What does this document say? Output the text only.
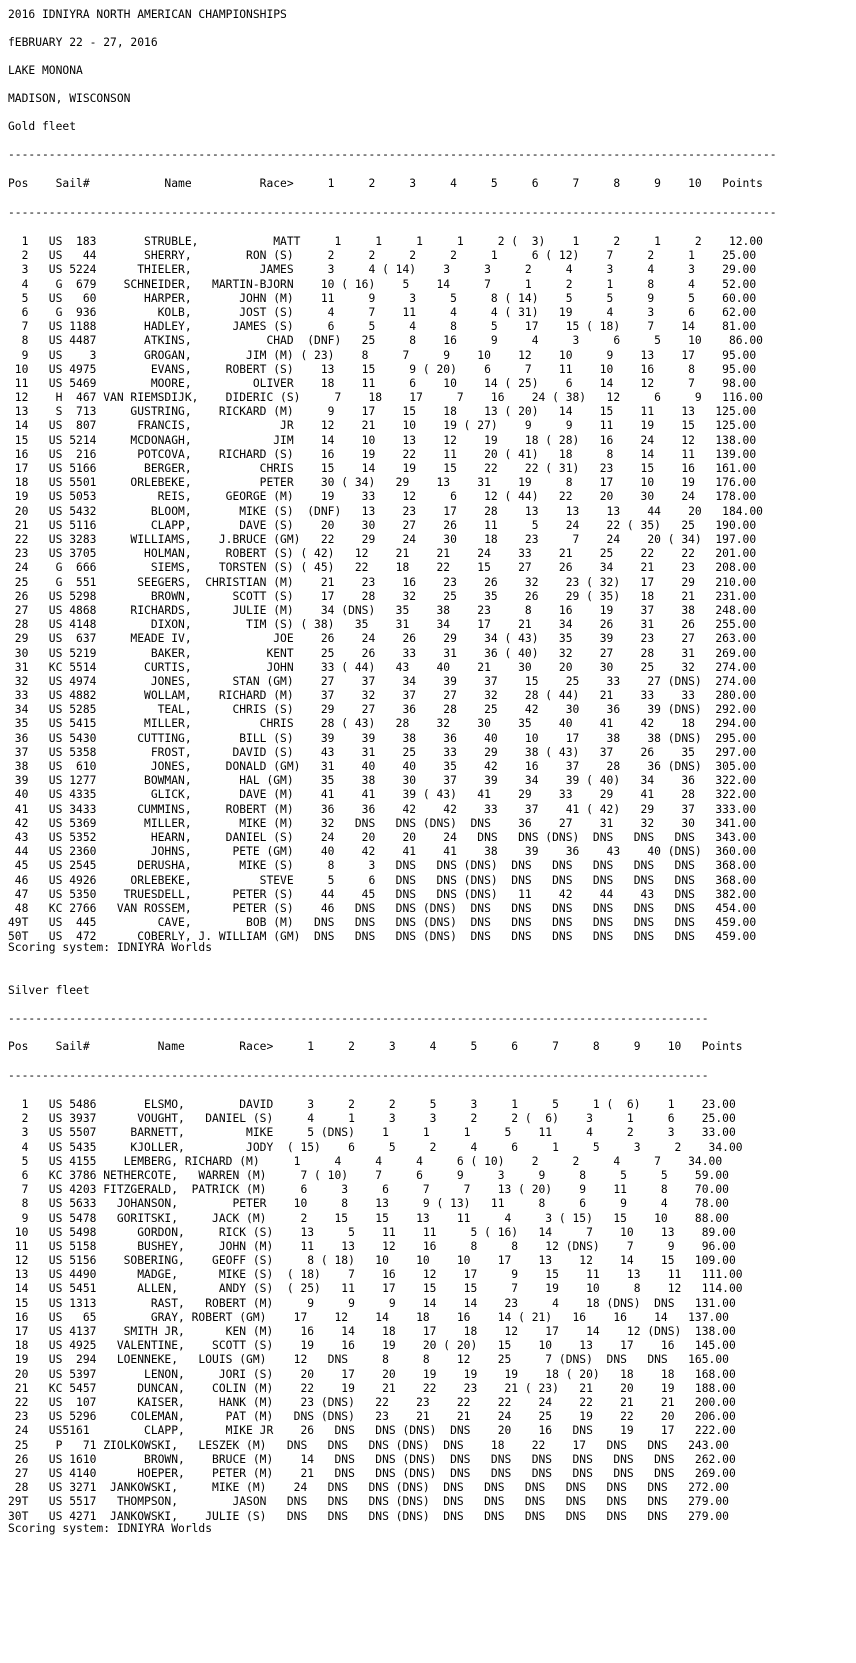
2016 IDNIYRA NORTH AMERICAN CHAMPIONSHIPS
fEBRUARY 22 - 27, 2016
LAKE MONONA
MADISON, WISCONSON
Gold fleet
-----------------------------------------------------------------------------------------------------------------
Pos    Sail#           Name          Race>     1     2     3     4     5     6     7     8     9    10   Points
-----------------------------------------------------------------------------------------------------------------
1   US  183       STRUBLE,           MATT     1     1     1     1     2 (  3)    1     2     1     2    12.00
2   US   44       SHERRY,        RON (S)     2     2     2     2     1     6 ( 12)    7     2     1    25.00
3   US 5224      THIELER,          JAMES     3     4 ( 14)    3     3     2     4     3     4     3    29.00
4    G  679    SCHNEIDER,   MARTIN-BJORN    10 ( 16)    5    14     7     1     2     1     8     4    52.00
5   US   60       HARPER,       JOHN (M)    11     9     3     5     8 ( 14)    5     5     9     5    60.00
6    G  936         KOLB,       JOST (S)     4     7    11     4     4 ( 31)   19     4     3     6    62.00
7   US 1188       HADLEY,      JAMES (S)     6     5     4     8     5    17    15 ( 18)    7    14    81.00
8   US 4487       ATKINS,           CHAD  (DNF)   25     8    16     9     4     3     6     5    10    86.00
9   US    3       GROGAN,        JIM (M) ( 23)    8     7     9    10    12    10     9    13    17    95.00
10   US 4975        EVANS,     ROBERT (S)    13    15     9 ( 20)    6     7    11    10    16     8    95.00
11   US 5469        MOORE,         OLIVER    18    11     6    10    14 ( 25)    6    14    12     7    98.00
12    H  467 VAN RIEMSDIJK,    DIDERIC (S)     7    18    17     7    16    24 ( 38)   12     6     9   116.00
13    S  713     GUSTRING,    RICKARD (M)     9    17    15    18    13 ( 20)   14    15    11    13   125.00
14   US  807      FRANCIS,             JR    12    21    10    19 ( 27)    9     9    11    19    15   125.00
15   US 5214     MCDONAGH,            JIM    14    10    13    12    19    18 ( 28)   16    24    12   138.00
16   US  216      POTCOVA,    RICHARD (S)    16    19    22    11    20 ( 41)   18     8    14    11   139.00
17   US 5166       BERGER,          CHRIS    15    14    19    15    22    22 ( 31)   23    15    16   161.00
18   US 5501     ORLEBEKE,          PETER    30 ( 34)   29    13    31    19     8    17    10    19   176.00
19   US 5053         REIS,     GEORGE (M)    19    33    12     6    12 ( 44)   22    20    30    24   178.00
20   US 5432        BLOOM,       MIKE (S)  (DNF)   13    23    17    28    13    13    13    44    20   184.00
21   US 5116        CLAPP,       DAVE (S)    20    30    27    26    11     5    24    22 ( 35)   25   190.00
22   US 3283     WILLIAMS,    J.BRUCE (GM)   22    29    24    30    18    23     7    24    20 ( 34)  197.00
23   US 3705       HOLMAN,     ROBERT (S) ( 42)   12    21    21    24    33    21    25    22    22   201.00
24    G  666        SIEMS,    TORSTEN (S) ( 45)   22    18    22    15    27    26    34    21    23   208.00
25    G  551      SEEGERS,  CHRISTIAN (M)    21    23    16    23    26    32    23 ( 32)   17    29   210.00
26   US 5298        BROWN,      SCOTT (S)    17    28    32    25    35    26    29 ( 35)   18    21   231.00
27   US 4868     RICHARDS,      JULIE (M)    34 (DNS)   35    38    23     8    16    19    37    38   248.00
28   US 4148        DIXON,        TIM (S) ( 38)   35    31    34    17    21    34    26    31    26   255.00
29   US  637     MEADE IV,            JOE    26    24    26    29    34 ( 43)   35    39    23    27   263.00
30   US 5219        BAKER,           KENT    25    26    33    31    36 ( 40)   32    27    28    31   269.00
31   KC 5514       CURTIS,           JOHN    33 ( 44)   43    40    21    30    20    30    25    32   274.00
32   US 4974        JONES,      STAN (GM)    27    37    34    39    37    15    25    33    27 (DNS)  274.00
33   US 4882       WOLLAM,    RICHARD (M)    37    32    37    27    32    28 ( 44)   21    33    33   280.00
34   US 5285         TEAL,      CHRIS (S)    29    27    36    28    25    42    30    36    39 (DNS)  292.00
35   US 5415       MILLER,          CHRIS    28 ( 43)   28    32    30    35    40    41    42    18   294.00
36   US 5430      CUTTING,       BILL (S)    39    39    38    36    40    10    17    38    38 (DNS)  295.00
37   US 5358        FROST,      DAVID (S)    43    31    25    33    29    38 ( 43)   37    26    35   297.00
38   US  610        JONES,     DONALD (GM)   31    40    40    35    42    16    37    28    36 (DNS)  305.00
39   US 1277       BOWMAN,       HAL (GM)    35    38    30    37    39    34    39 ( 40)   34    36   322.00
40   US 4335        GLICK,       DAVE (M)    41    41    39 ( 43)   41    29    33    29    41    28   322.00
41   US 3433      CUMMINS,     ROBERT (M)    36    36    42    42    33    37    41 ( 42)   29    37   333.00
42   US 5369       MILLER,       MIKE (M)    32   DNS   DNS (DNS)  DNS    36    27    31    32    30   341.00
43   US 5352        HEARN,     DANIEL (S)    24    20    20    24   DNS   DNS (DNS)  DNS   DNS   DNS   343.00
44   US 2360        JOHNS,      PETE (GM)    40    42    41    41    38    39    36    43    40 (DNS)  360.00
45   US 2545      DERUSHA,       MIKE (S)     8     3   DNS   DNS (DNS)  DNS   DNS   DNS   DNS   DNS   368.00
46   US 4926     ORLEBEKE,          STEVE     5     6   DNS   DNS (DNS)  DNS   DNS   DNS   DNS   DNS   368.00
47   US 5350    TRUESDELL,      PETER (S)    44    45   DNS   DNS (DNS)   11    42    44    43   DNS   382.00
48   KC 2766   VAN ROSSEM,      PETER (S)    46   DNS   DNS (DNS)  DNS   DNS   DNS   DNS   DNS   DNS   454.00
49T   US  445         CAVE,        BOB (M)   DNS   DNS   DNS (DNS)  DNS   DNS   DNS   DNS   DNS   DNS   459.00
50T   US  472      COBERLY, J. WILLIAM (GM)  DNS   DNS   DNS (DNS)  DNS   DNS   DNS   DNS   DNS   DNS   459.00
Scoring system: IDNIYRA Worlds
Silver fleet
-------------------------------------------------------------------------------------------------------
Pos    Sail#          Name        Race>     1     2     3     4     5     6     7     8     9    10   Points
-------------------------------------------------------------------------------------------------------
1   US 5486       ELSMO,        DAVID     3     2     2     5     3     1     5     1 (  6)    1    23.00
2   US 3937      VOUGHT,   DANIEL (S)     4     1     3     3     2     2 (  6)    3     1     6    25.00
3   US 5507     BARNETT,         MIKE     5 (DNS)    1     1     1     5    11     4     2     3    33.00
4   US 5435     KJOLLER,         JODY  ( 15)    6     5     2     4     6     1     5     3     2    34.00
5   US 4155    LEMBERG, RICHARD (M)     1     4     4     4     6 ( 10)    2     2     4     7    34.00
6   KC 3786 NETHERCOTE,   WARREN (M)     7 ( 10)    7     6     9     3     9     8     5     5    59.00
7   US 4203 FITZGERALD,  PATRICK (M)     6     3     6     7     7    13 ( 20)    9    11     8    70.00
8   US 5633   JOHANSON,        PETER    10     8    13     9 ( 13)   11     8     6     9     4    78.00
9   US 5478   GORITSKI,     JACK (M)     2    15    15    13    11     4     3 ( 15)   15    10    88.00
10   US 5498      GORDON,     RICK (S)    13     5    11    11     5 ( 16)   14     7    10    13    89.00
11   US 5158      BUSHEY,     JOHN (M)    11    13    12    16     8     8    12 (DNS)    7     9    96.00
12   US 5156    SOBERING,    GEOFF (S)     8 ( 18)   10    10    10    17    13    12    14    15   109.00
13   US 4490      MADGE,      MIKE (S)  ( 18)    7    16    12    17     9    15    11    13    11   111.00
14   US 5451      ALLEN,      ANDY (S)  ( 25)   11    17    15    15     7    19    10     8    12   114.00
15   US 1313        RAST,   ROBERT (M)     9     9     9    14    14    23     4    18 (DNS)  DNS   131.00
16   US   65        GRAY, ROBERT (GM)    17    12    14    18    16    14 ( 21)   16    16    14   137.00
17   US 4137    SMITH JR,      KEN (M)    16    14    18    17    18    12    17    14    12 (DNS)  138.00
18   US 4925   VALENTINE,    SCOTT (S)    19    16    19    20 ( 20)   15    10    13    17    16   145.00
19   US  294   LOENNEKE,   LOUIS (GM)    12   DNS     8     8    12    25     7 (DNS)  DNS   DNS   165.00
20   US 5397       LENON,     JORI (S)    20    17    20    19    19    19    18 ( 20)   18    18   168.00
21   KC 5457      DUNCAN,    COLIN (M)    22    19    21    22    23    21 ( 23)   21    20    19   188.00
22   US  107      KAISER,     HANK (M)    23 (DNS)   22    23    22    22    24    22    21    21   200.00
23   US 5296     COLEMAN,      PAT (M)   DNS (DNS)   23    21    21    24    25    19    22    20   206.00
24   US5161        CLAPP,      MIKE JR    26   DNS   DNS (DNS)  DNS    20    16   DNS    19    17   222.00
25    P   71 ZIOLKOWSKI,   LESZEK (M)   DNS   DNS   DNS (DNS)  DNS    18    22    17   DNS   DNS   243.00
26   US 1610       BROWN,    BRUCE (M)    14   DNS   DNS (DNS)  DNS   DNS   DNS   DNS   DNS   DNS   262.00
27   US 4140      HOEPER,    PETER (M)    21   DNS   DNS (DNS)  DNS   DNS   DNS   DNS   DNS   DNS   269.00
28   US 3271  JANKOWSKI,     MIKE (M)    24   DNS   DNS (DNS)  DNS   DNS   DNS   DNS   DNS   DNS   272.00
29T   US 5517   THOMPSON,        JASON   DNS   DNS   DNS (DNS)  DNS   DNS   DNS   DNS   DNS   DNS   279.00
30T   US 4271  JANKOWSKI,    JULIE (S)   DNS   DNS   DNS (DNS)  DNS   DNS   DNS   DNS   DNS   DNS   279.00
Scoring system: IDNIYRA Worlds
